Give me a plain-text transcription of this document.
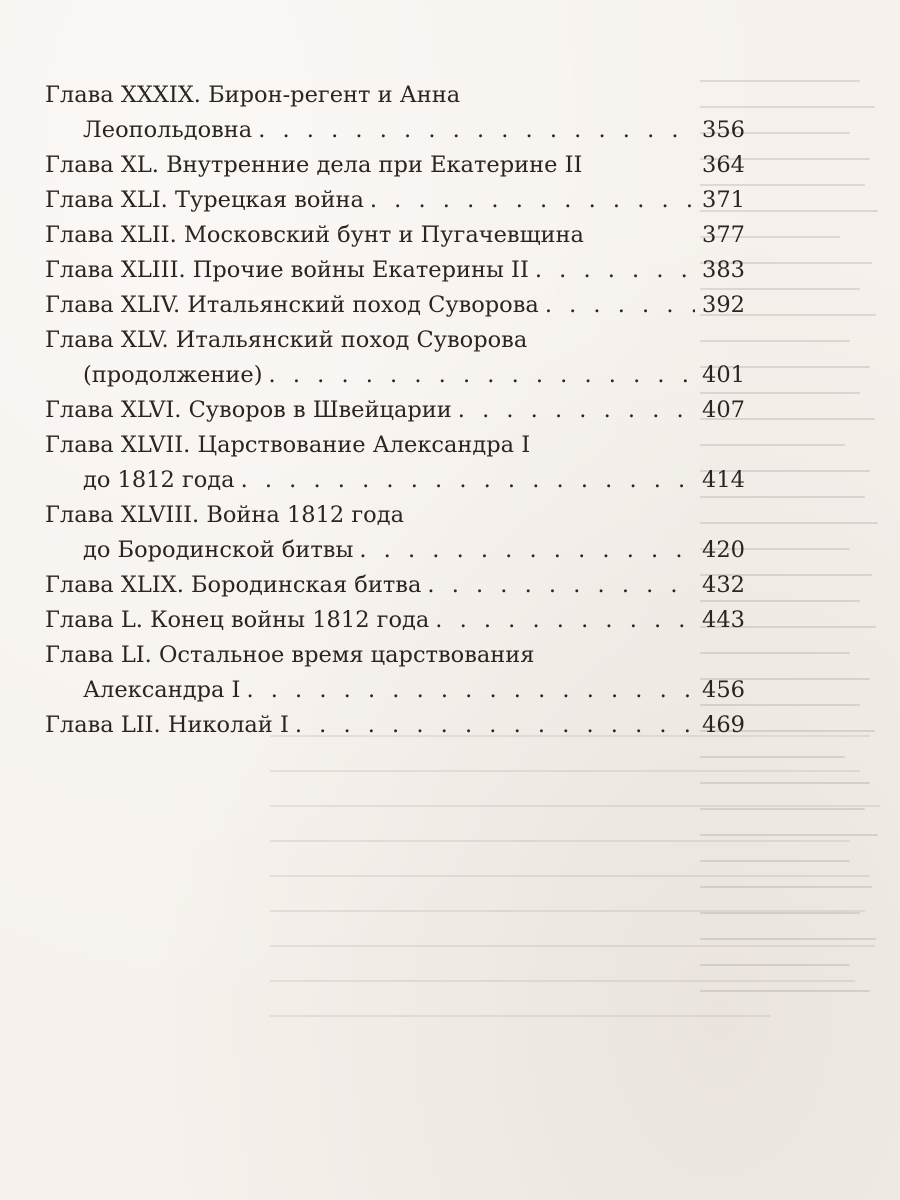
Глава XXXIX. Бирон-регент и Анна
Леопольдовна . . .	356
Глава XL. Внутренние дела при Екатерине II	364
Глава XLI. Турецкая война . . .	371
Глава XLII. Московский бунт и Пугачевщина	377
Глава XLIII. Прочие войны Екатерины II . . .	383
Глава XLIV. Итальянский поход Суворова . . .	392
Глава XLV. Итальянский поход Суворова
(продолжение) . . .	401
Глава XLVI. Суворов в Швейцарии . . .	407
Глава XLVII. Царствование Александра I
до 1812 года . . .	414
Глава XLVIII. Война 1812 года
до Бородинской битвы . . .	420
Глава XLIX. Бородинская битва . . .	432
Глава L. Конец войны 1812 года . . .	443
Глава LI. Остальное время царствования
Александра I . . .	456
Глава LII. Николай I . . .	469
